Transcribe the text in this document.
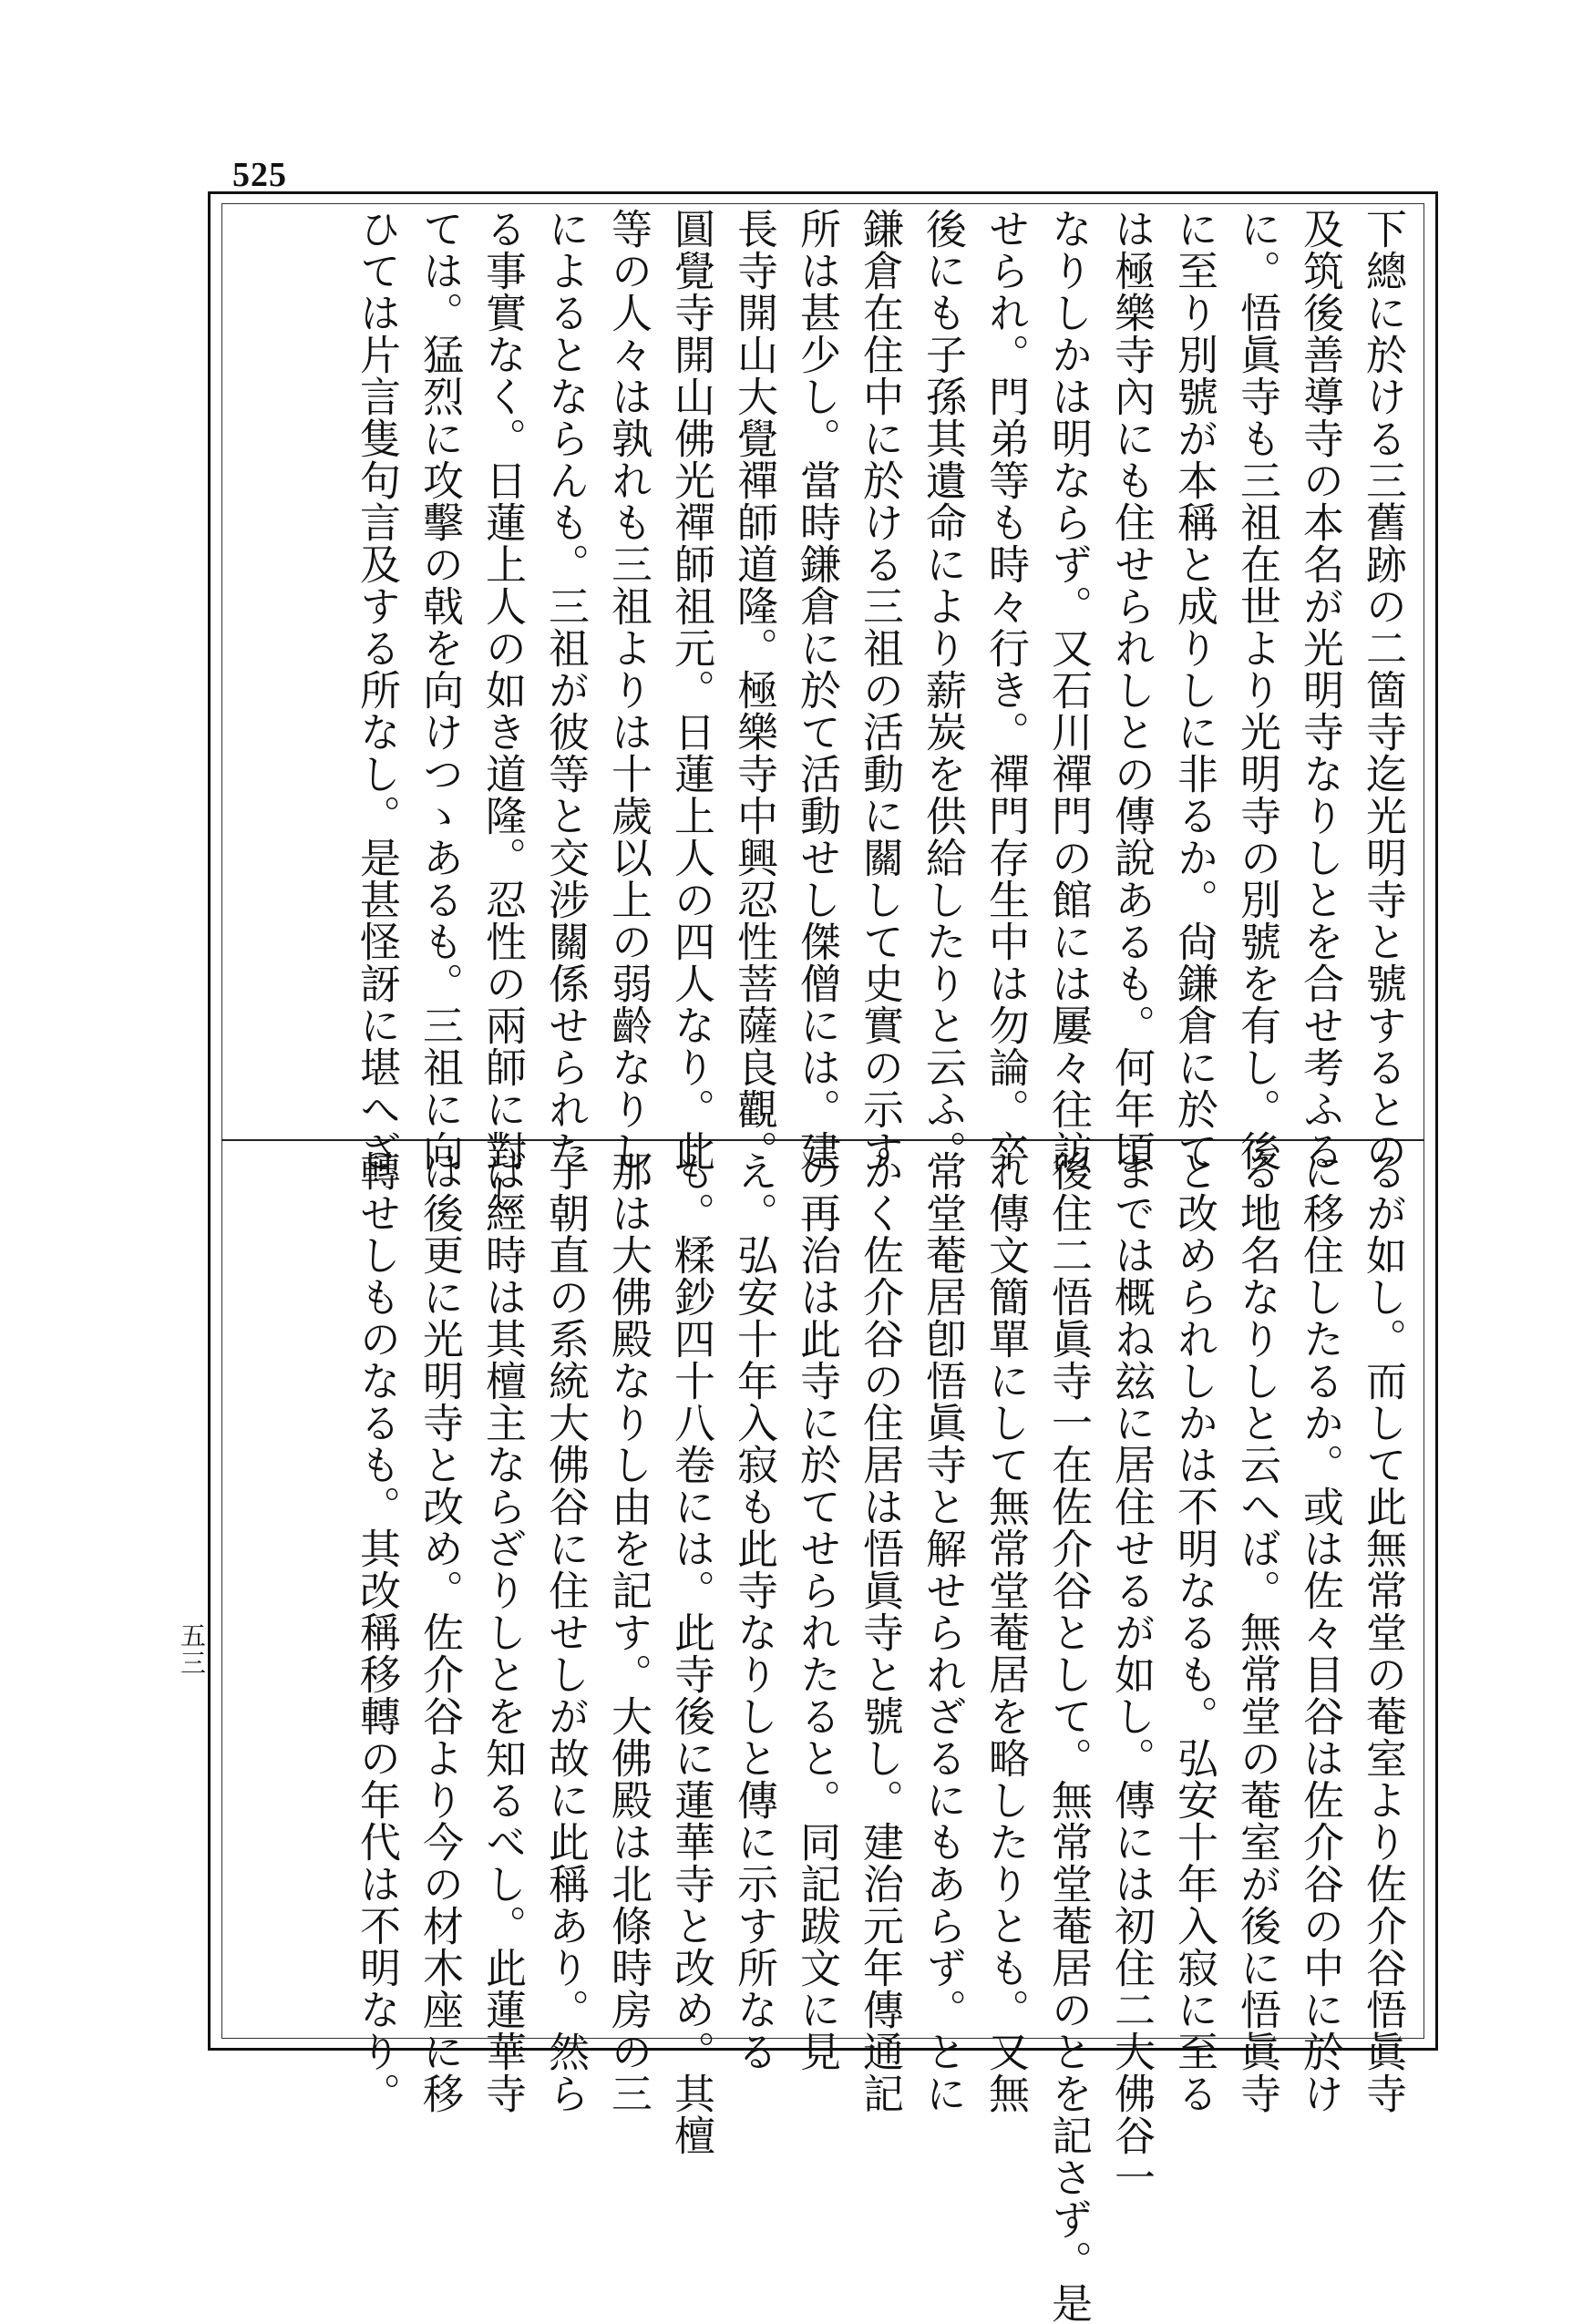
525
下總に於ける三舊跡の二箇寺迄光明寺と號するとの
及筑後善導寺の本名が光明寺なりしとを合せ考ふる
に。悟眞寺も三祖在世より光明寺の別號を有し。後
に至り別號が本稱と成りしに非るか。尙鎌倉に於て
は極樂寺內にも住せられしとの傳說あるも。何年頃
なりしかは明ならず。又石川禪門の館には屢々往訪
せられ。門弟等も時々行き。禪門存生中は勿論。卒
後にも子孫其遺命により薪炭を供給したりと云ふ。
鎌倉在住中に於ける三祖の活動に關して史實の示す
所は甚少し。當時鎌倉に於て活動せし傑僧には。建
長寺開山大覺禪師道隆。極樂寺中興忍性菩薩良觀。
圓覺寺開山佛光禪師祖元。日蓮上人の四人なり。此
等の人々は孰れも三祖よりは十歲以上の弱齡なりし
によるとならんも。三祖が彼等と交涉關係せられた
る事實なく。日蓮上人の如き道隆。忍性の兩師に對し
ては。猛烈に攻擊の戟を向けつゝあるも。三祖に向
ひては片言隻句言及する所なし。是甚怪訝に堪へざ
るが如し。而して此無常堂の菴室より佐介谷悟眞寺
に移住したるか。或は佐々目谷は佐介谷の中に於け
る地名なりしと云へば。無常堂の菴室が後に悟眞寺
と改められしかは不明なるも。弘安十年入寂に至る
までは概ね玆に居住せるが如し。傳には初住二大佛谷一
後住二悟眞寺一在佐介谷として。無常堂菴居のとを記さず。是
れ傳文簡單にして無常堂菴居を略したりとも。又無
常堂菴居卽悟眞寺と解せられざるにもあらず。とに
かく佐介谷の住居は悟眞寺と號し。建治元年傳通記
の再治は此寺に於てせられたると。同記跋文に見
え。弘安十年入寂も此寺なりしと傳に示す所なる
も。糅鈔四十八卷には。此寺後に蓮華寺と改め。其檀
那は大佛殿なりし由を記す。大佛殿は北條時房の三
子朝直の系統大佛谷に住せしが故に此稱あり。然ら
ば經時は其檀主ならざりしとを知るべし。此蓮華寺
は後更に光明寺と改め。佐介谷より今の材木座に移
轉せしものなるも。其改稱移轉の年代は不明なり。
五三
